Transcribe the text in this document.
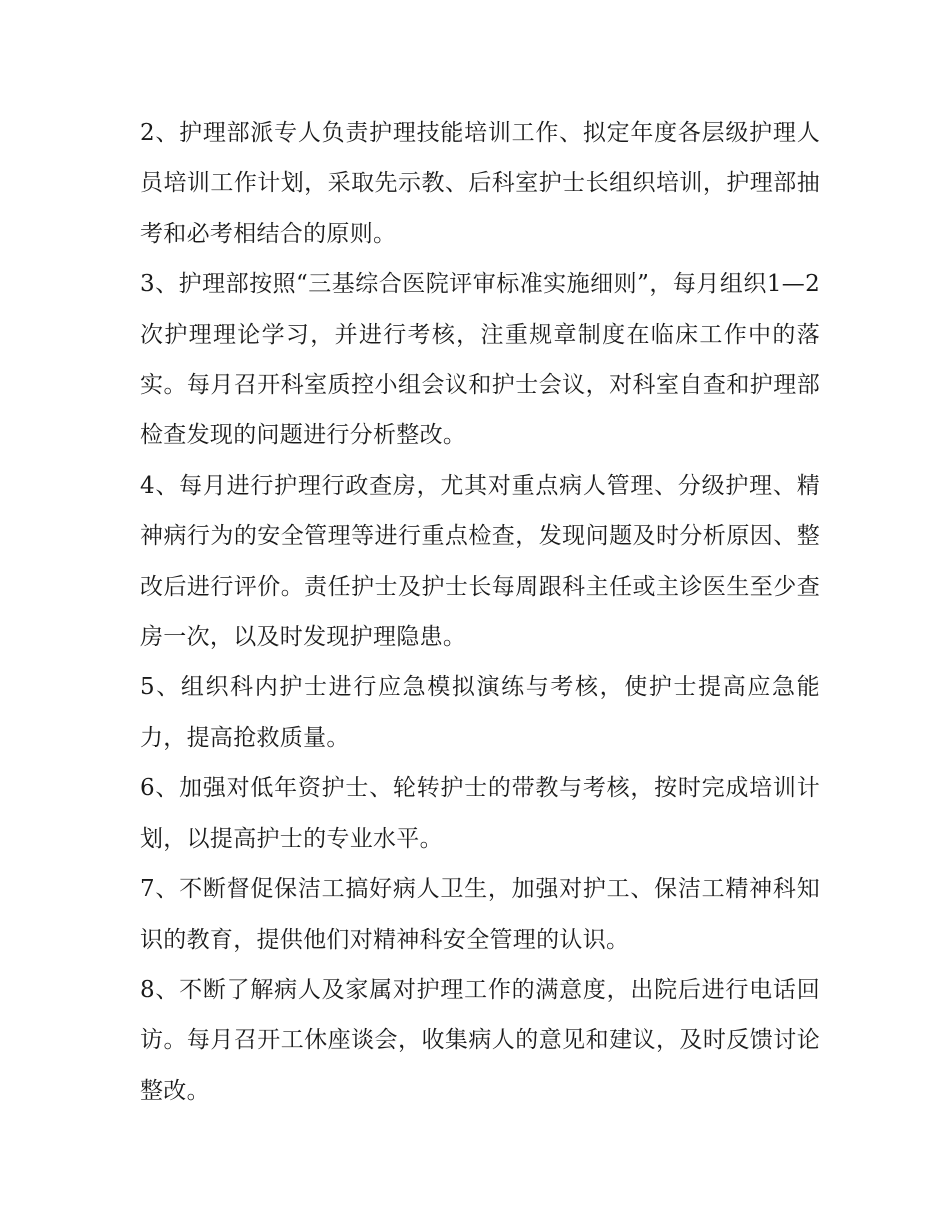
2、护理部派专人负责护理技能培训工作、拟定年度各层级护理人员培训工作计划，采取先示教、后科室护士长组织培训，护理部抽考和必考相结合的原则。

3、护理部按照“三基综合医院评审标准实施细则”，每月组织1—2次护理理论学习，并进行考核，注重规章制度在临床工作中的落实。每月召开科室质控小组会议和护士会议，对科室自查和护理部检查发现的问题进行分析整改。

4、每月进行护理行政查房，尤其对重点病人管理、分级护理、精神病行为的安全管理等进行重点检查，发现问题及时分析原因、整改后进行评价。责任护士及护士长每周跟科主任或主诊医生至少查房一次，以及时发现护理隐患。

5、组织科内护士进行应急模拟演练与考核，使护士提高应急能力，提高抢救质量。

6、加强对低年资护士、轮转护士的带教与考核，按时完成培训计划，以提高护士的专业水平。

7、不断督促保洁工搞好病人卫生，加强对护工、保洁工精神科知识的教育，提供他们对精神科安全管理的认识。

8、不断了解病人及家属对护理工作的满意度，出院后进行电话回访。每月召开工休座谈会，收集病人的意见和建议，及时反馈讨论整改。
